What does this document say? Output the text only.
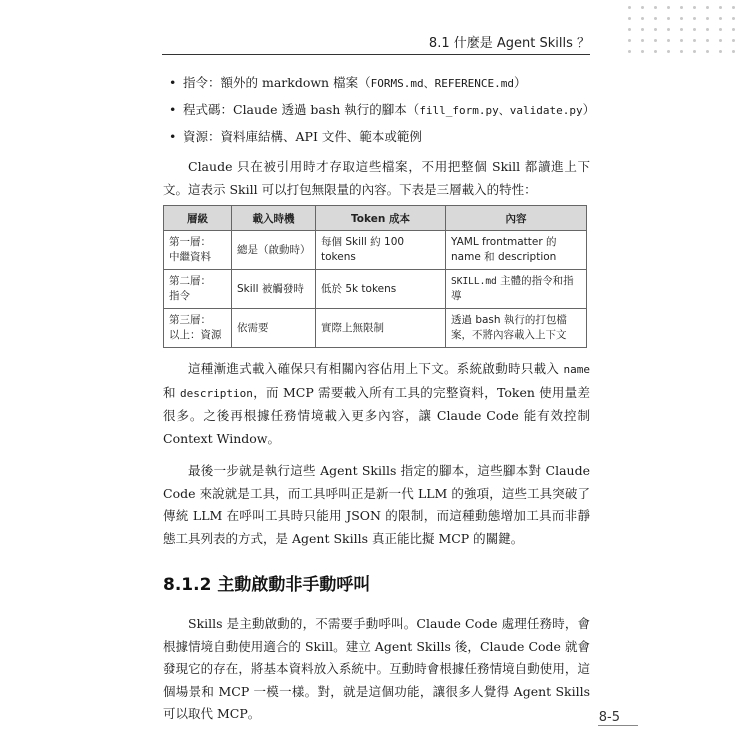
8.1 什麼是 Agent Skills ？
• 指令：額外的 markdown 檔案（FORMS.md、REFERENCE.md）
• 程式碼：Claude 透過 bash 執行的腳本（fill_form.py、validate.py）
• 資源：資料庫結構、API 文件、範本或範例

Claude 只在被引用時才存取這些檔案，不用把整個 Skill 都讀進上下文。這表示 Skill 可以打包無限量的內容。下表是三層載入的特性：

層級	載入時機	Token 成本	內容
第一層：
中繼資料	總是（啟動時）	每個 Skill 約 100 tokens	YAML frontmatter 的 name 和 description
第二層：
指令	Skill 被觸發時	低於 5k tokens	SKILL.md 主體的指令和指導
第三層：
以上：資源	依需要	實際上無限制	透過 bash 執行的打包檔案，不將內容載入上下文

這種漸進式載入確保只有相關內容佔用上下文。系統啟動時只載入 name 和 description，而 MCP 需要載入所有工具的完整資料，Token 使用量差很多。之後再根據任務情境載入更多內容，讓 Claude Code 能有效控制 Context Window。

最後一步就是執行這些 Agent Skills 指定的腳本，這些腳本對 Claude Code 來說就是工具，而工具呼叫正是新一代 LLM 的強項，這些工具突破了傳統 LLM 在呼叫工具時只能用 JSON 的限制，而這種動態增加工具而非靜態工具列表的方式，是 Agent Skills 真正能比擬 MCP 的關鍵。

8.1.2 主動啟動非手動呼叫

Skills 是主動啟動的，不需要手動呼叫。Claude Code 處理任務時，會根據情境自動使用適合的 Skill。建立 Agent Skills 後，Claude Code 就會發現它的存在，將基本資料放入系統中。互動時會根據任務情境自動使用，這個場景和 MCP 一模一樣。對，就是這個功能，讓很多人覺得 Agent Skills 可以取代 MCP。	8-5
